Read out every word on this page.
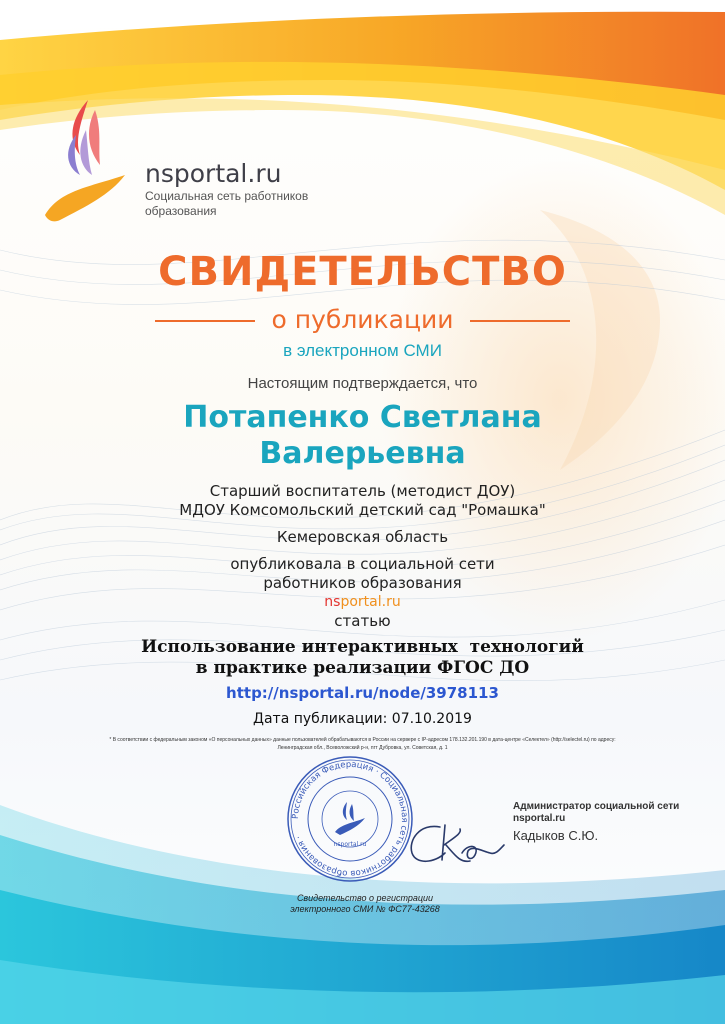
nsportal.ru
Социальная сеть работников
образования
СВИДЕТЕЛЬСТВО
о публикации
в электронном СМИ
Настоящим подтверждается, что
Потапенко Светлана Валерьевна
Старший воспитатель (методист ДОУ)
МДОУ Комсомольский детский сад "Ромашка"
Кемеровская область
опубликовала в социальной сети
работников образования
nsportal.ru
статью
Использование интерактивных  технологий
в практике реализации ФГОС ДО
http://nsportal.ru/node/3978113
Дата публикации: 07.10.2019
* В соответствии с федеральным законом «О персональных данных» данные пользователей обрабатываются в России на сервере с IP-адресом 178.132.201.190 в дата-центре «Селектел» (http://selectel.ru) по адресу: Ленинградская обл., Всеволожский р-н, пгт Дубровка, ул. Советская, д. 1
Российская Федерация · Социальная сеть работников образования ·
nsportal.ru
Администратор социальной сети nsportal.ru
Кадыков С.Ю.
Свидетельство о регистрации
электронного СМИ № ФС77-43268
